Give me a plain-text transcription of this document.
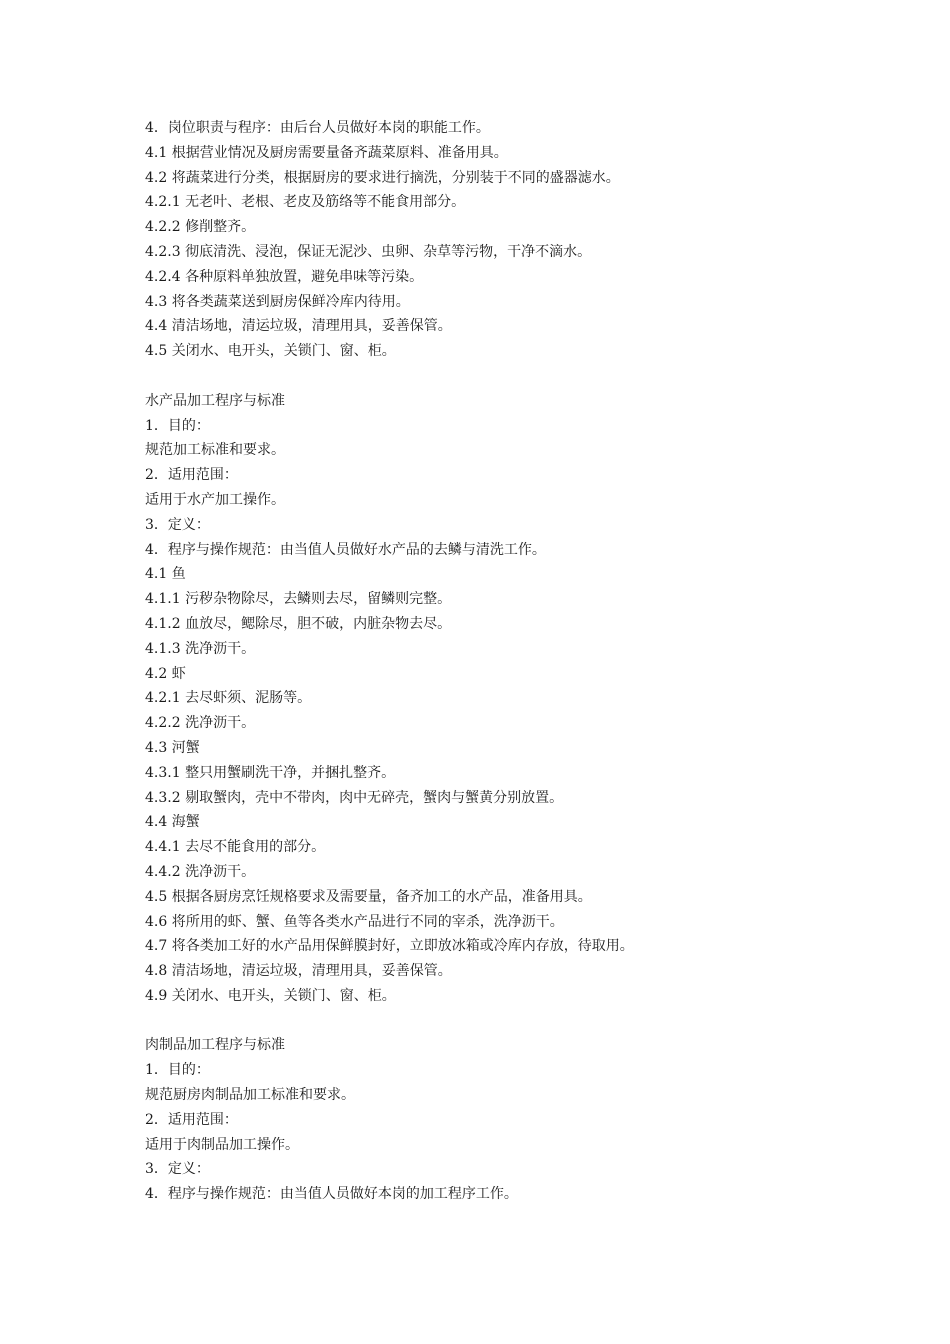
4．岗位职责与程序：由后台人员做好本岗的职能工作。

4.1 根据营业情况及厨房需要量备齐蔬菜原料、准备用具。

4.2 将蔬菜进行分类，根据厨房的要求进行摘洗，分别装于不同的盛器滤水。

4.2.1 无老叶、老根、老皮及筋络等不能食用部分。

4.2.2 修削整齐。

4.2.3 彻底清洗、浸泡，保证无泥沙、虫卵、杂草等污物，干净不滴水。

4.2.4 各种原料单独放置，避免串味等污染。

4.3 将各类蔬菜送到厨房保鲜冷库内待用。

4.4 清洁场地，清运垃圾，清理用具，妥善保管。

4.5 关闭水、电开头，关锁门、窗、柜。

水产品加工程序与标准

1．目的：

规范加工标准和要求。

2．适用范围：

适用于水产加工操作。

3．定义：

4．程序与操作规范：由当值人员做好水产品的去鳞与清洗工作。

4.1 鱼

4.1.1 污秽杂物除尽，去鳞则去尽，留鳞则完整。

4.1.2 血放尽，鳃除尽，胆不破，内脏杂物去尽。

4.1.3 洗净沥干。

4.2 虾

4.2.1 去尽虾须、泥肠等。

4.2.2 洗净沥干。

4.3 河蟹

4.3.1 整只用蟹刷洗干净，并捆扎整齐。

4.3.2 剔取蟹肉，壳中不带肉，肉中无碎壳，蟹肉与蟹黄分别放置。

4.4 海蟹

4.4.1 去尽不能食用的部分。

4.4.2 洗净沥干。

4.5 根据各厨房烹饪规格要求及需要量，备齐加工的水产品，准备用具。

4.6 将所用的虾、蟹、鱼等各类水产品进行不同的宰杀，洗净沥干。

4.7 将各类加工好的水产品用保鲜膜封好，立即放冰箱或冷库内存放，待取用。

4.8 清洁场地，清运垃圾，清理用具，妥善保管。

4.9 关闭水、电开头，关锁门、窗、柜。

肉制品加工程序与标准

1．目的：

规范厨房肉制品加工标准和要求。

2．适用范围：

适用于肉制品加工操作。

3．定义：

4．程序与操作规范：由当值人员做好本岗的加工程序工作。
